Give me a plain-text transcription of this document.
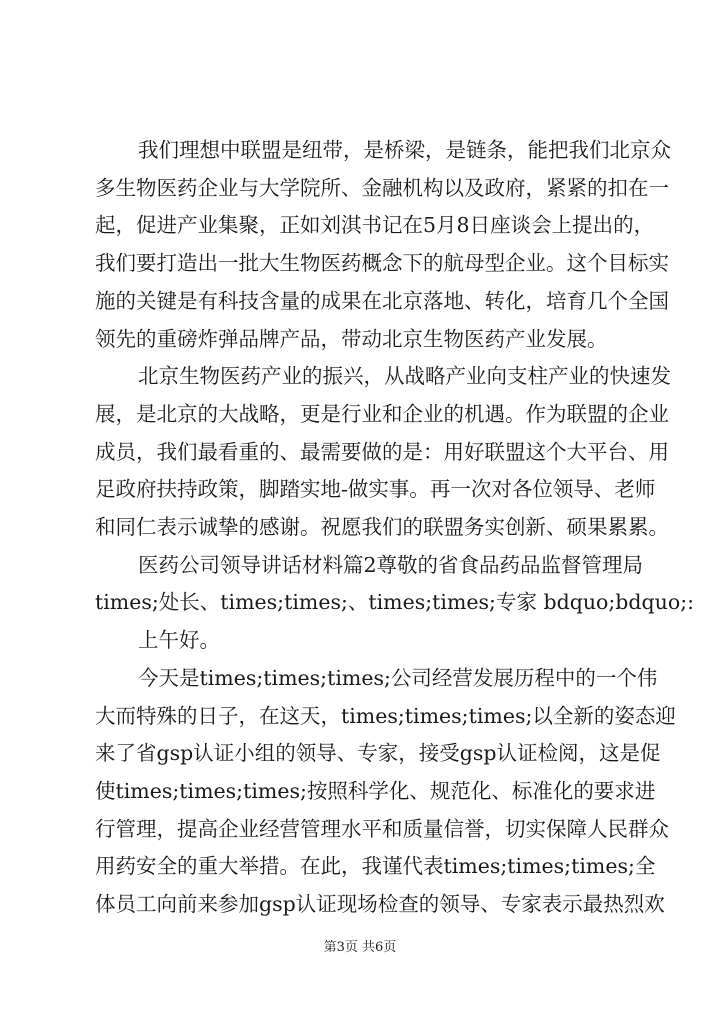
我们理想中联盟是纽带，是桥梁，是链条，能把我们北京众
多生物医药企业与大学院所、金融机构以及政府，紧紧的扣在一
起，促进产业集聚，正如刘淇书记在5月8日座谈会上提出的，
我们要打造出一批大生物医药概念下的航母型企业。这个目标实
施的关键是有科技含量的成果在北京落地、转化，培育几个全国
领先的重磅炸弹品牌产品，带动北京生物医药产业发展。
北京生物医药产业的振兴，从战略产业向支柱产业的快速发
展，是北京的大战略，更是行业和企业的机遇。作为联盟的企业
成员，我们最看重的、最需要做的是：用好联盟这个大平台、用
足政府扶持政策，脚踏实地-做实事。再一次对各位领导、老师
和同仁表示诚挚的感谢。祝愿我们的联盟务实创新、硕果累累。
医药公司领导讲话材料篇2尊敬的省食品药品监督管理局
times;处长、times;times;、times;times;专家 bdquo;bdquo;:
上午好。
今天是times;times;times;公司经营发展历程中的一个伟
大而特殊的日子，在这天，times;times;times;以全新的姿态迎
来了省gsp认证小组的领导、专家，接受gsp认证检阅，这是促
使times;times;times;按照科学化、规范化、标准化的要求进
行管理，提高企业经营管理水平和质量信誉，切实保障人民群众
用药安全的重大举措。在此，我谨代表times;times;times;全
体员工向前来参加gsp认证现场检查的领导、专家表示最热烈欢
第3页 共6页
